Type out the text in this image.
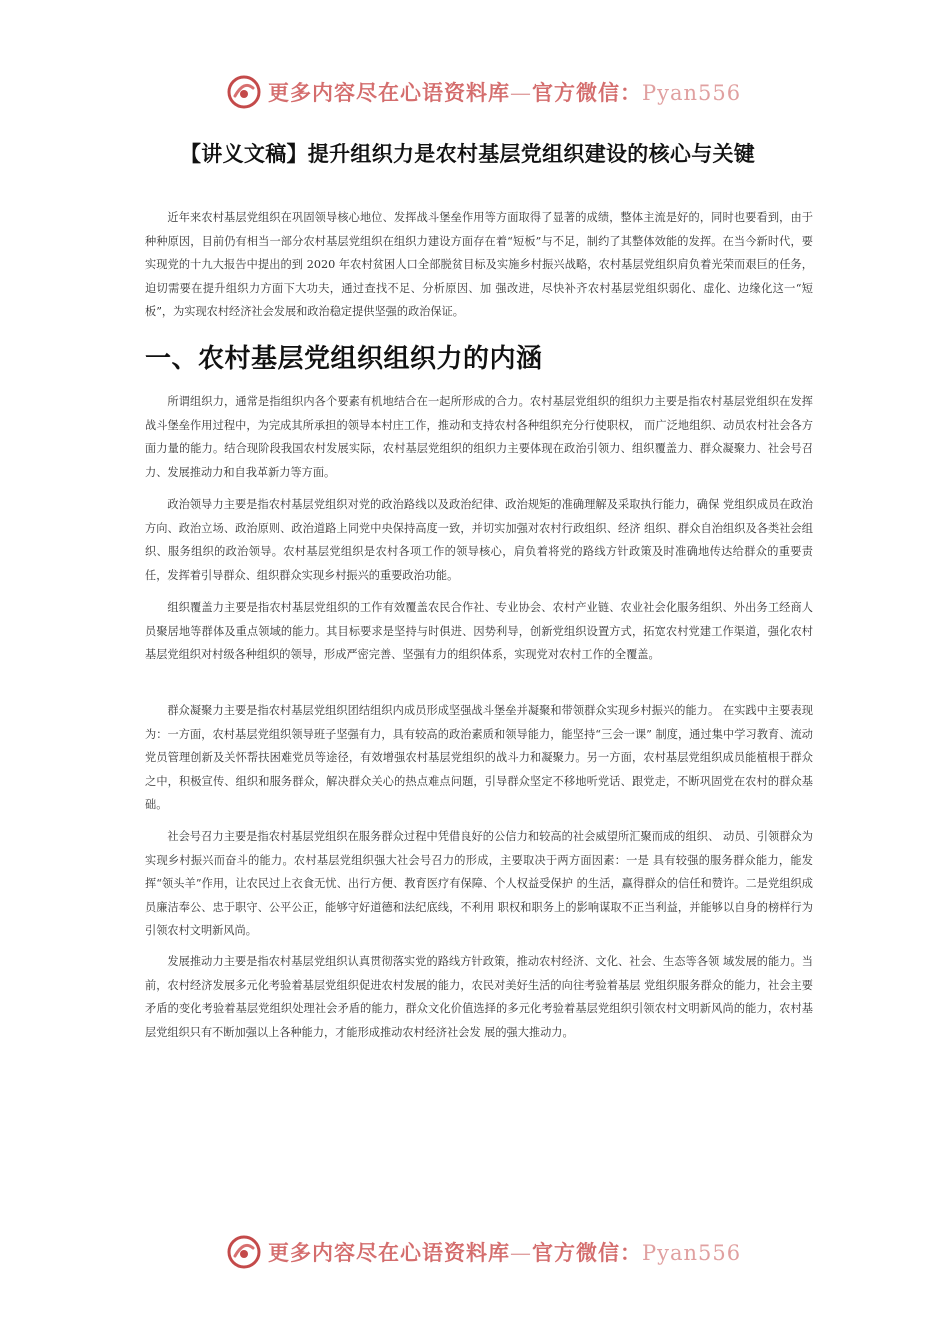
更多内容尽在心语资料库—官方微信：Pyan556
【讲义文稿】提升组织力是农村基层党组织建设的核心与关键

近年来农村基层党组织在巩固领导核心地位、发挥战斗堡垒作用等方面取得了显著的成绩，整体主流是好的，同时也要看到，由于种种原因，目前仍有相当一部分农村基层党组织在组织力建设方面存在着“短板”与不足，制约了其整体效能的发挥。在当今新时代，要实现党的十九大报告中提出的到 2020 年农村贫困人口全部脱贫目标及实施乡村振兴战略，农村基层党组织肩负着光荣而艰巨的任务，迫切需要在提升组织力方面下大功夫，通过查找不足、分析原因、加 强改进，尽快补齐农村基层党组织弱化、虚化、边缘化这一“短板”，为实现农村经济社会发展和政治稳定提供坚强的政治保证。

一、农村基层党组织组织力的内涵

所谓组织力，通常是指组织内各个要素有机地结合在一起所形成的合力。农村基层党组织的组织力主要是指农村基层党组织在发挥战斗堡垒作用过程中，为完成其所承担的领导本村庄工作，推动和支持农村各种组织充分行使职权， 而广泛地组织、动员农村社会各方面力量的能力。结合现阶段我国农村发展实际，农村基层党组织的组织力主要体现在政治引领力、组织覆盖力、群众凝聚力、社会号召力、发展推动力和自我革新力等方面。

政治领导力主要是指农村基层党组织对党的政治路线以及政治纪律、政治规矩的准确理解及采取执行能力，确保 党组织成员在政治方向、政治立场、政治原则、政治道路上同党中央保持高度一致，并切实加强对农村行政组织、经济 组织、群众自治组织及各类社会组织、服务组织的政治领导。农村基层党组织是农村各项工作的领导核心，肩负着将党的路线方针政策及时准确地传达给群众的重要责任，发挥着引导群众、组织群众实现乡村振兴的重要政治功能。

组织覆盖力主要是指农村基层党组织的工作有效覆盖农民合作社、专业协会、农村产业链、农业社会化服务组织、外出务工经商人员聚居地等群体及重点领域的能力。其目标要求是坚持与时俱进、因势利导，创新党组织设置方式，拓宽农村党建工作渠道，强化农村基层党组织对村级各种组织的领导，形成严密完善、坚强有力的组织体系，实现党对农村工作的全覆盖。

群众凝聚力主要是指农村基层党组织团结组织内成员形成坚强战斗堡垒并凝聚和带领群众实现乡村振兴的能力。 在实践中主要表现为：一方面，农村基层党组织领导班子坚强有力，具有较高的政治素质和领导能力，能坚持“三会一课” 制度，通过集中学习教育、流动党员管理创新及关怀帮扶困难党员等途径，有效增强农村基层党组织的战斗力和凝聚力。另一方面，农村基层党组织成员能植根于群众之中，积极宣传、组织和服务群众，解决群众关心的热点难点问题，引导群众坚定不移地听党话、跟党走，不断巩固党在农村的群众基础。

社会号召力主要是指农村基层党组织在服务群众过程中凭借良好的公信力和较高的社会威望所汇聚而成的组织、 动员、引领群众为实现乡村振兴而奋斗的能力。农村基层党组织强大社会号召力的形成，主要取决于两方面因素：一是 具有较强的服务群众能力，能发挥“领头羊”作用，让农民过上衣食无忧、出行方便、教育医疗有保障、个人权益受保护 的生活，赢得群众的信任和赞许。二是党组织成员廉洁奉公、忠于职守、公平公正，能够守好道德和法纪底线，不利用 职权和职务上的影响谋取不正当利益，并能够以自身的榜样行为引领农村文明新风尚。

发展推动力主要是指农村基层党组织认真贯彻落实党的路线方针政策，推动农村经济、文化、社会、生态等各领 域发展的能力。当前，农村经济发展多元化考验着基层党组织促进农村发展的能力，农民对美好生活的向往考验着基层 党组织服务群众的能力，社会主要矛盾的变化考验着基层党组织处理社会矛盾的能力，群众文化价值选择的多元化考验着基层党组织引领农村文明新风尚的能力，农村基层党组织只有不断加强以上各种能力，才能形成推动农村经济社会发 展的强大推动力。

更多内容尽在心语资料库—官方微信：Pyan556
